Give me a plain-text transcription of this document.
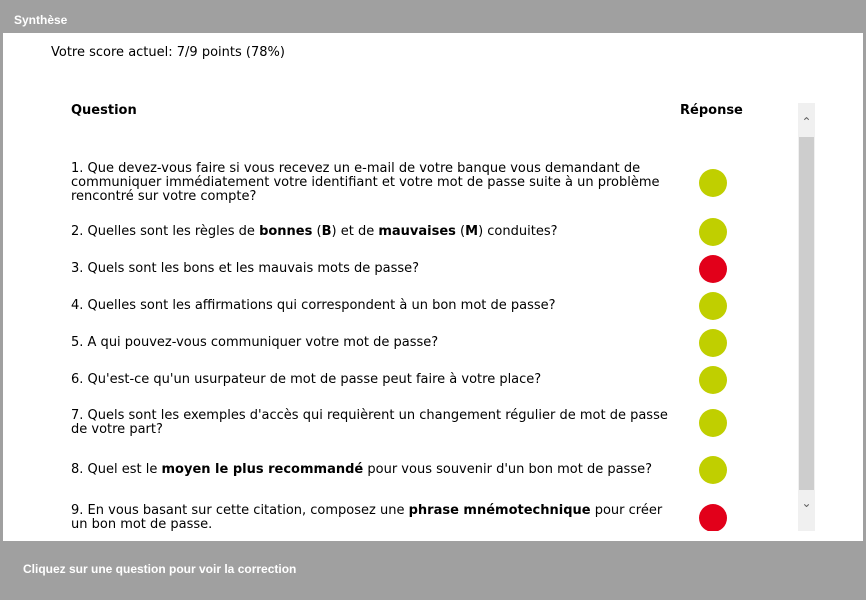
Synthèse
Votre score actuel: 7/9 points (78%)
Question	Réponse
1. Que devez-vous faire si vous recevez un e-mail de votre banque vous demandant de communiquer immédiatement votre identifiant et votre mot de passe suite à un problème rencontré sur votre compte?
2. Quelles sont les règles de bonnes (B) et de mauvaises (M) conduites?
3. Quels sont les bons et les mauvais mots de passe?
4. Quelles sont les affirmations qui correspondent à un bon mot de passe?
5. A qui pouvez-vous communiquer votre mot de passe?
6. Qu'est-ce qu'un usurpateur de mot de passe peut faire à votre place?
7. Quels sont les exemples d'accès qui requièrent un changement régulier de mot de passe de votre part?
8. Quel est le moyen le plus recommandé pour vous souvenir d'un bon mot de passe?
9. En vous basant sur cette citation, composez une phrase mnémotechnique pour créer un bon mot de passe.
⌃
⌄
Cliquez sur une question pour voir la correction
